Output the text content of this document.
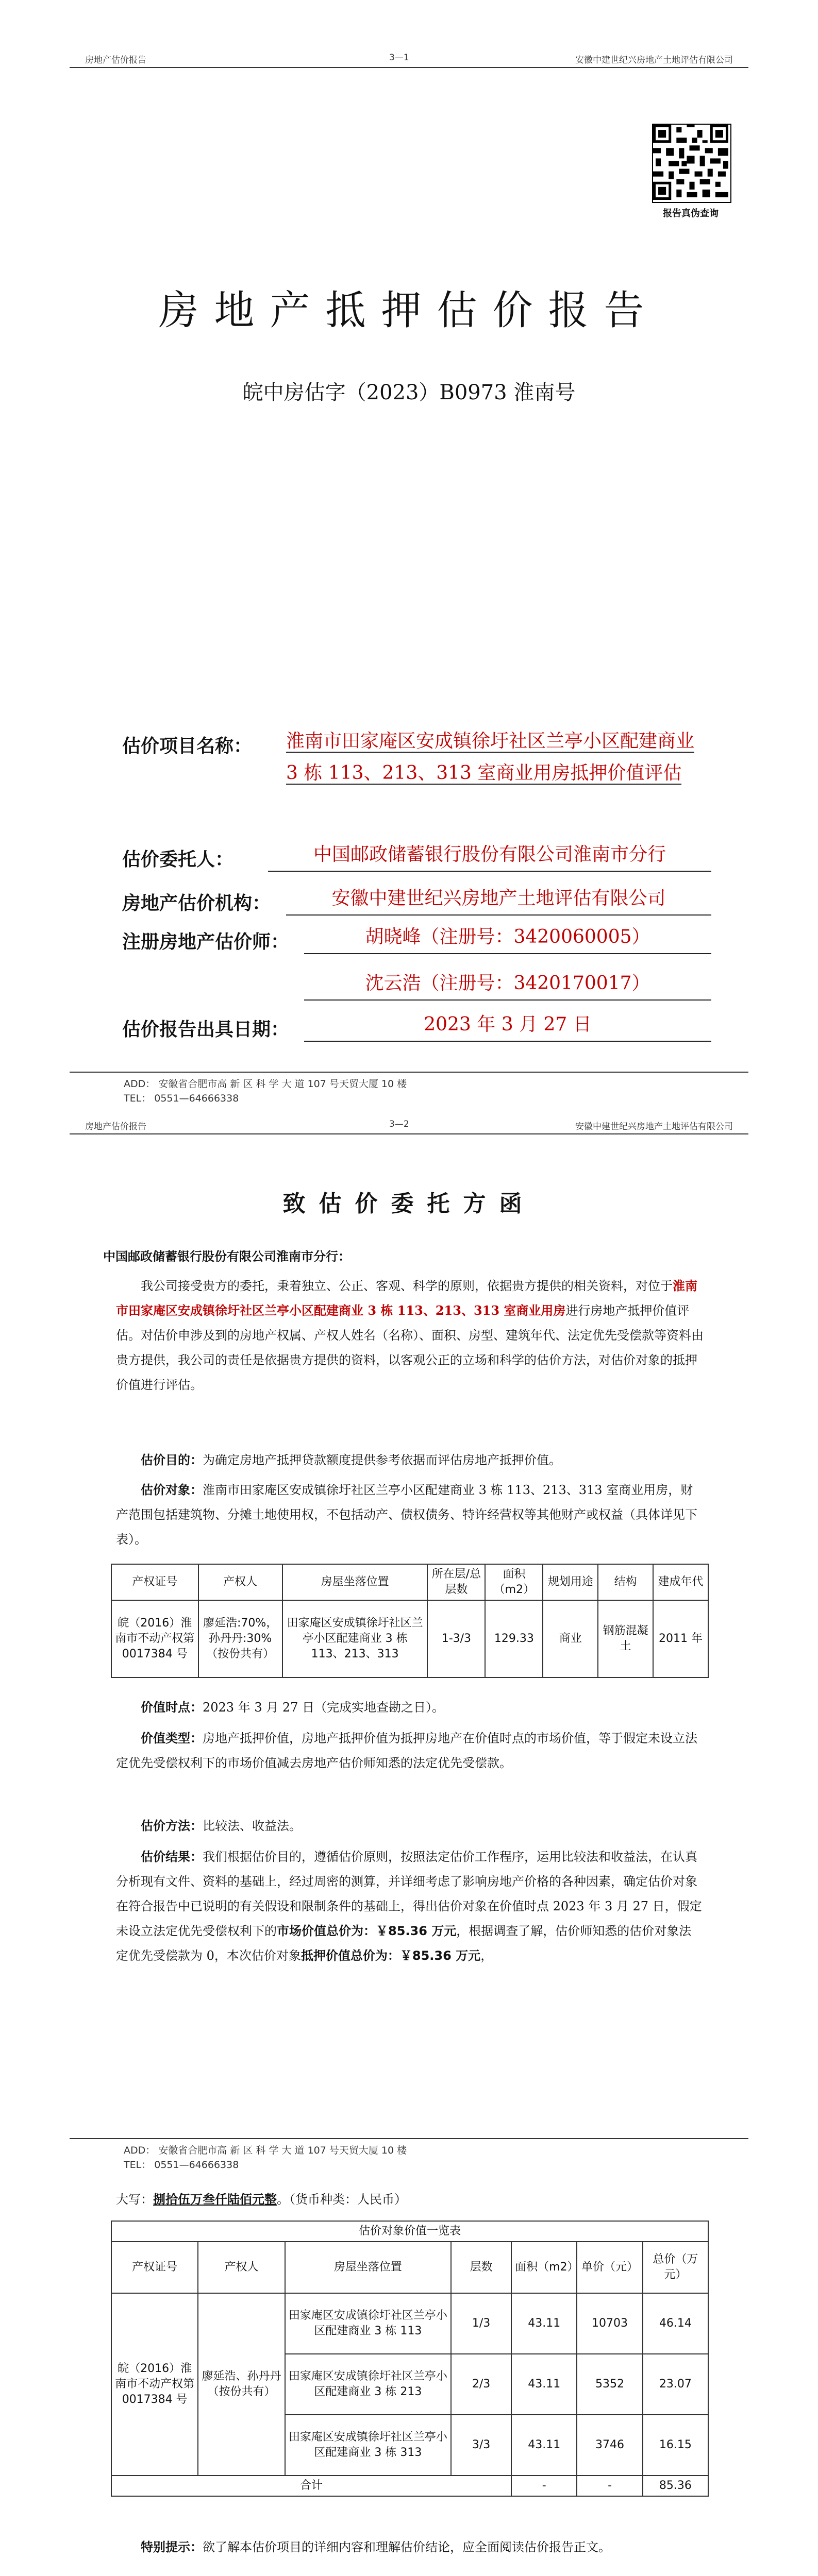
房地产估价报告	3—1	安徽中建世纪兴房地产土地评估有限公司
报告真伪查询
房地产抵押估价报告
皖中房估字（2023）B0973 淮南号
估价项目名称： 淮南市田家庵区安成镇徐圩社区兰亭小区配建商业 3 栋 113、213、313 室商业用房抵押价值评估
估价委托人：	中国邮政储蓄银行股份有限公司淮南市分行
房地产估价机构：	安徽中建世纪兴房地产土地评估有限公司
注册房地产估价师：	胡晓峰（注册号：3420060005）
沈云浩（注册号：3420170017）
估价报告出具日期：	2023 年 3 月 27 日
ADD： 安徽省合肥市高 新 区 科 学 大 道 107 号天贸大厦 10 楼
TEL： 0551—64666338
房地产估价报告	3—2	安徽中建世纪兴房地产土地评估有限公司
致估价委托方函
中国邮政储蓄银行股份有限公司淮南市分行：
我公司接受贵方的委托，秉着独立、公正、客观、科学的原则，依据贵方提供的相关资料，对位于淮南市田家庵区安成镇徐圩社区兰亭小区配建商业 3 栋 113、213、313 室商业用房进行房地产抵押价值评估。对估价申涉及到的房地产权属、产权人姓名（名称）、面积、房型、建筑年代、法定优先受偿款等资料由贵方提供，我公司的责任是依据贵方提供的资料，以客观公正的立场和科学的估价方法，对估价对象的抵押价值进行评估。
估价目的：为确定房地产抵押贷款额度提供参考依据而评估房地产抵押价值。
估价对象：淮南市田家庵区安成镇徐圩社区兰亭小区配建商业 3 栋 113、213、313 室商业用房，财产范围包括建筑物、分摊土地使用权，不包括动产、债权债务、特许经营权等其他财产或权益（具体详见下表）。
产权证号	产权人	房屋坐落位置	所在层/总层数	面积（m2）	规划用途	结构	建成年代
皖（2016）淮南市不动产权第 0017384 号	廖延浩:70%，孙丹丹:30%（按份共有）	田家庵区安成镇徐圩社区兰亭小区配建商业 3 栋 113、213、313	1-3/3	129.33	商业	钢筋混凝土	2011 年
价值时点：2023 年 3 月 27 日（完成实地查勘之日）。
价值类型：房地产抵押价值，房地产抵押价值为抵押房地产在价值时点的市场价值，等于假定未设立法定优先受偿权利下的市场价值减去房地产估价师知悉的法定优先受偿款。
估价方法：比较法、收益法。
估价结果：我们根据估价目的，遵循估价原则，按照法定估价工作程序，运用比较法和收益法，在认真分析现有文件、资料的基础上，经过周密的测算，并详细考虑了影响房地产价格的各种因素，确定估价对象在符合报告中已说明的有关假设和限制条件的基础上，得出估价对象在价值时点 2023 年 3 月 27 日，假定未设立法定优先受偿权利下的市场价值总价为：￥85.36 万元，根据调查了解，估价师知悉的估价对象法定优先受偿款为 0，本次估价对象抵押价值总价为：￥85.36 万元，
ADD： 安徽省合肥市高 新 区 科 学 大 道 107 号天贸大厦 10 楼
TEL： 0551—64666338
大写：捌拾伍万叁仟陆佰元整。（货币种类：人民币）
估价对象价值一览表						
产权证号	产权人	房屋坐落位置	层数	面积（m2）	单价（元）	总价（万元）
皖（2016）淮南市不动产权第 0017384 号	廖延浩、孙丹丹（按份共有）	田家庵区安成镇徐圩社区兰亭小区配建商业 3 栋 113	1/3	43.11	10703	46.14
		田家庵区安成镇徐圩社区兰亭小区配建商业 3 栋 213	2/3	43.11	5352	23.07
		田家庵区安成镇徐圩社区兰亭小区配建商业 3 栋 313	3/3	43.11	3746	16.15
合计				-	-	85.36
特别提示：欲了解本估价项目的详细内容和理解估价结论，应全面阅读估价报告正文。
